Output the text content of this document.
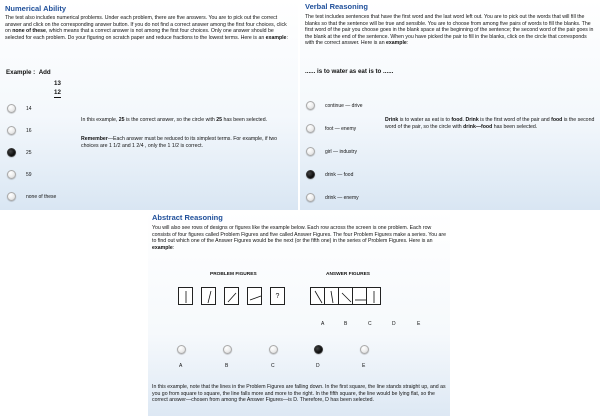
Numerical Ability
The test also includes numerical problems. Under each problem, there are five answers. You are to pick out the correct answer and click on the corresponding answer button. If you do not find a correct answer among the first four choices, click on none of these, which means that a correct answer is not among the first four choices. Only one answer should be selected for each problem. Do your figuring on scratch paper and reduce fractions to the lowest terms. Here is an example:
Example : Add
13
12
14
16
25
59
none of these
In this example, 25 is the correct answer, so the circle with 25 has been selected.
Remember—Each answer must be reduced to its simplest terms. For example, if two choices are 1 1/2 and 1 2/4 , only the 1 1/2 is correct.
Verbal Reasoning
The test includes sentences that have the first word and the last word left out. You are to pick out the words that will fill the blanks so that the sentence will be true and sensible. You are to choose from among five pairs of words to fill the blanks. The first word of the pair you choose goes in the blank space at the beginning of the sentence; the second word of the pair goes in the blank at the end of the sentence. When you have picked the pair to fill in the blanks, click on the circle that corresponds with the correct answer. Here is an example:
...... is to water as eat is to ......
continue — drive
foot — enemy
girl — industry
drink — food
drink — enemy
Drink is to water as eat is to food. Drink is the first word of the pair and food is the second word of the pair, so the circle with drink—food has been selected.
Abstract Reasoning
You will also see rows of designs or figures like the example below. Each row across the screen is one problem. Each row consists of four figures called Problem Figures and five called Answer Figures. The four Problem Figures make a series. You are to find out which one of the Answer Figures would be the next (or the fifth one) in the series of Problem Figures. Here is an example:
PROBLEM FIGURES	ANSWER FIGURES
?
A	B	C	D	E
A	B	C	D	E
In this example, note that the lines in the Problem Figures are falling down. In the first square, the line stands straight up, and as you go from square to square, the line falls more and more to the right. In the fifth square, the line would be lying flat, so the correct answer—chosen from among the Answer Figures—is D. Therefore, D has been selected.
